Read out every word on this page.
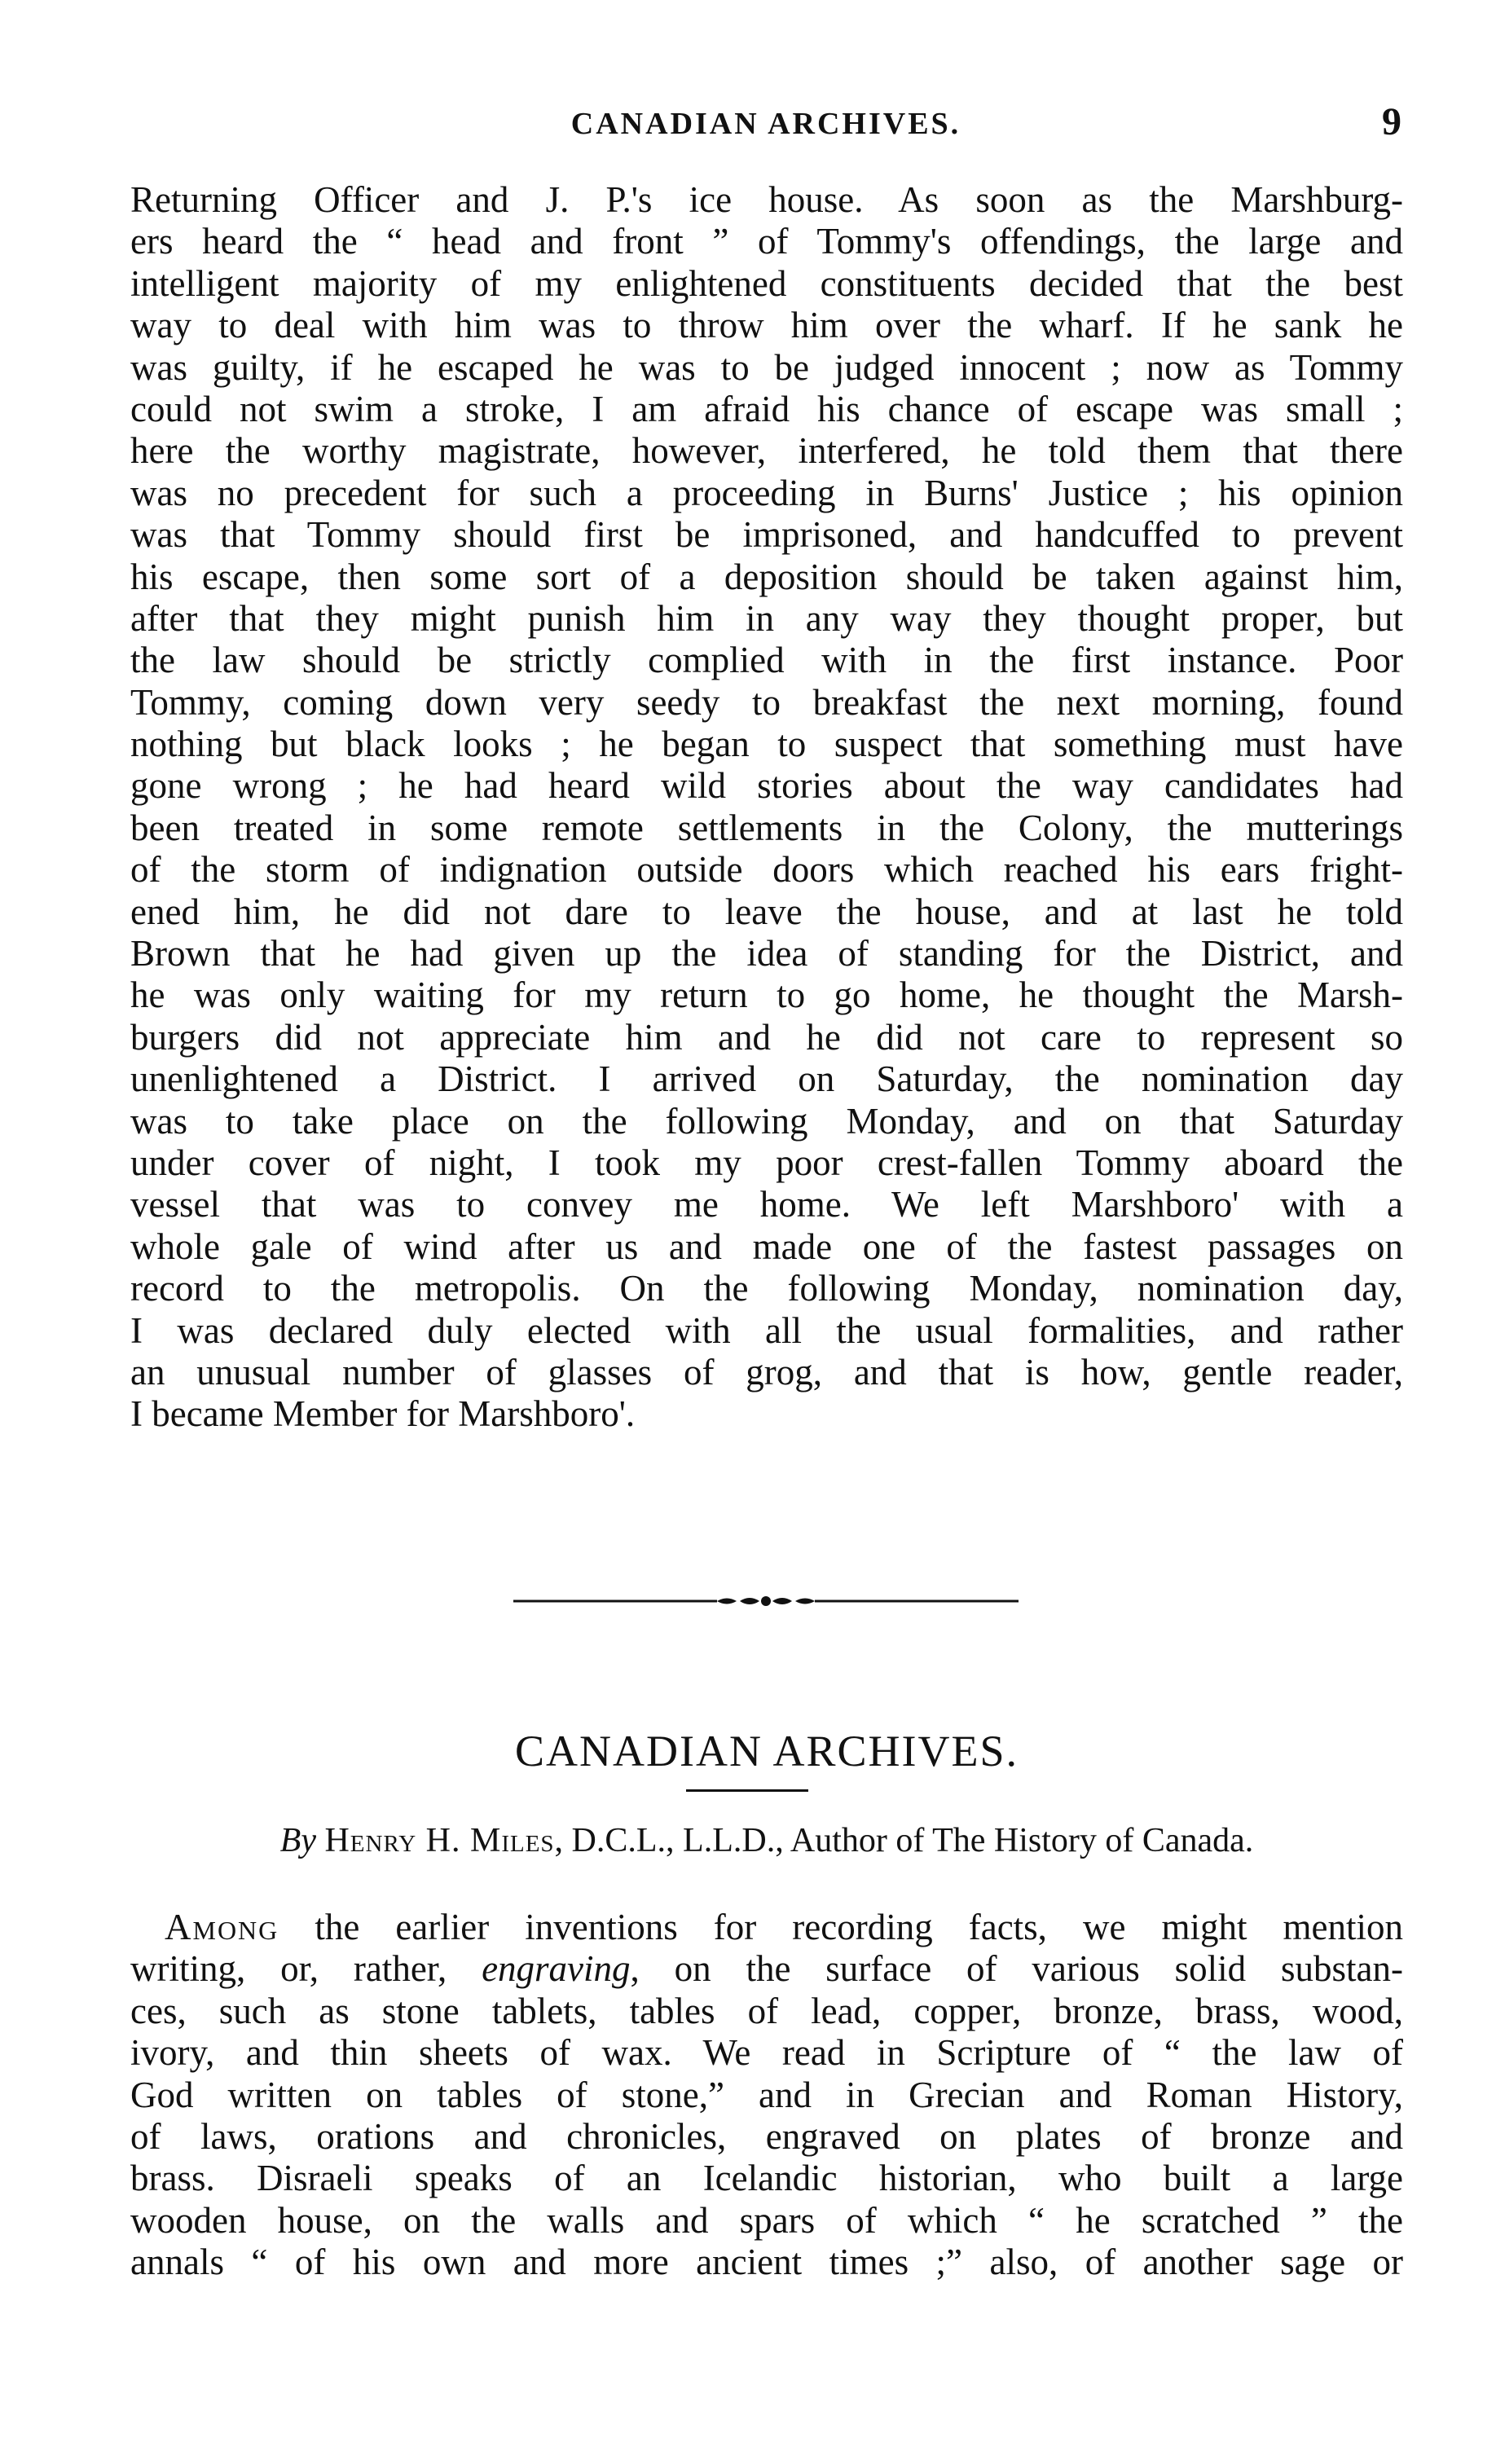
CANADIAN ARCHIVES.	9
Returning Officer and J. P.'s ice house. As soon as the Marshburg-
ers heard the “ head and front ” of Tommy's offendings, the large and
intelligent majority of my enlightened constituents decided that the best
way to deal with him was to throw him over the wharf. If he sank he
was guilty, if he escaped he was to be judged innocent ; now as Tommy
could not swim a stroke, I am afraid his chance of escape was small ;
here the worthy magistrate, however, interfered, he told them that there
was no precedent for such a proceeding in Burns' Justice ; his opinion
was that Tommy should first be imprisoned, and handcuffed to prevent
his escape, then some sort of a deposition should be taken against him,
after that they might punish him in any way they thought proper, but
the law should be strictly complied with in the first instance. Poor
Tommy, coming down very seedy to breakfast the next morning, found
nothing but black looks ; he began to suspect that something must have
gone wrong ; he had heard wild stories about the way candidates had
been treated in some remote settlements in the Colony, the mutterings
of the storm of indignation outside doors which reached his ears fright-
ened him, he did not dare to leave the house, and at last he told
Brown that he had given up the idea of standing for the District, and
he was only waiting for my return to go home, he thought the Marsh-
burgers did not appreciate him and he did not care to represent so
unenlightened a District. I arrived on Saturday, the nomination day
was to take place on the following Monday, and on that Saturday
under cover of night, I took my poor crest-fallen Tommy aboard the
vessel that was to convey me home. We left Marshboro' with a
whole gale of wind after us and made one of the fastest passages on
record to the metropolis. On the following Monday, nomination day,
I was declared duly elected with all the usual formalities, and rather
an unusual number of glasses of grog, and that is how, gentle reader,
I became Member for Marshboro'.
CANADIAN ARCHIVES.
By Henry H. Miles, D.C.L., L.L.D., Author of The History of Canada.
Among the earlier inventions for recording facts, we might mention
writing, or, rather, engraving, on the surface of various solid substan-
ces, such as stone tablets, tables of lead, copper, bronze, brass, wood,
ivory, and thin sheets of wax. We read in Scripture of “ the law of
God written on tables of stone,” and in Grecian and Roman History,
of laws, orations and chronicles, engraved on plates of bronze and
brass. Disraeli speaks of an Icelandic historian, who built a large
wooden house, on the walls and spars of which “ he scratched ” the
annals “ of his own and more ancient times ;” also, of another sage or
